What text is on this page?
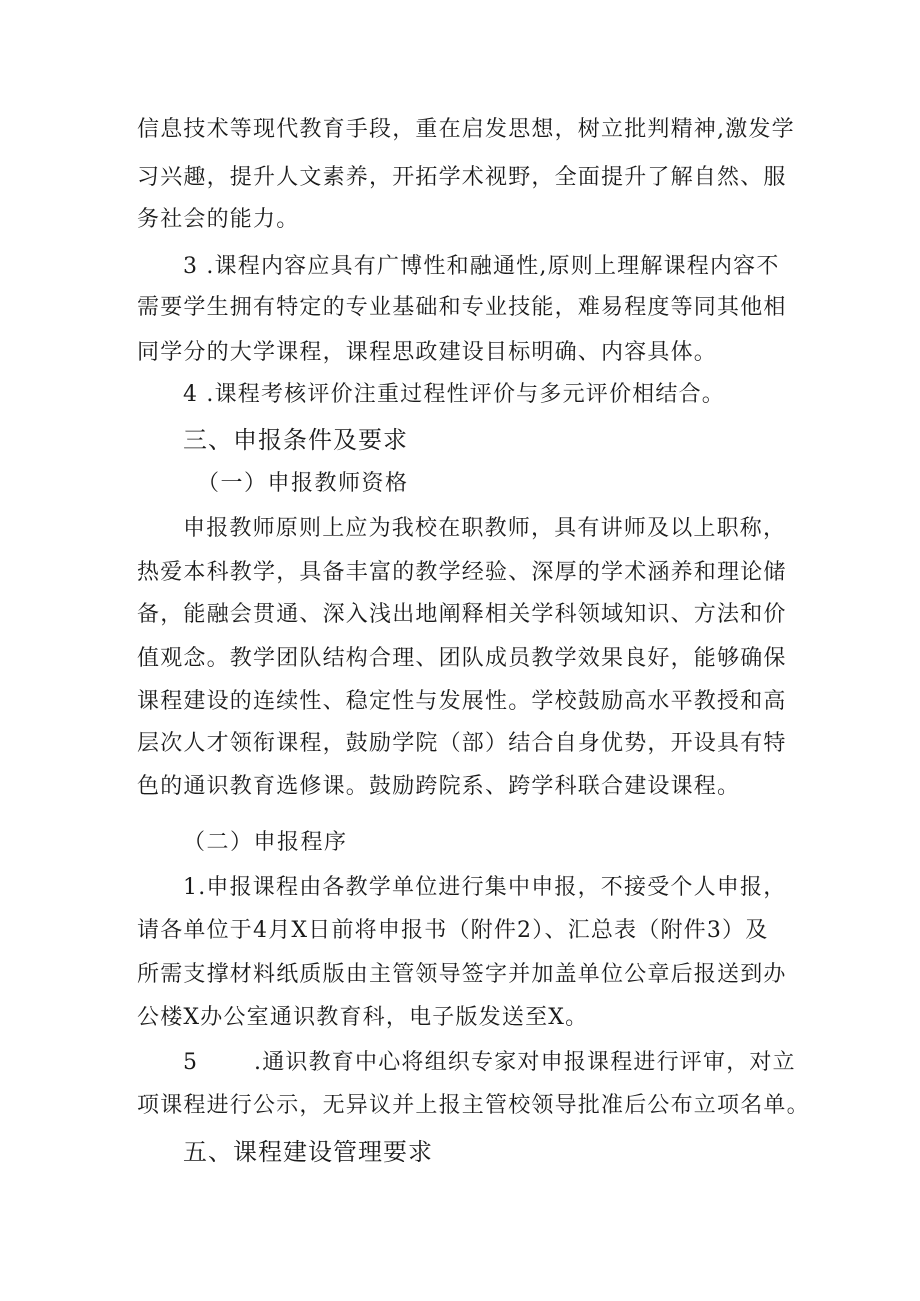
信息技术等现代教育手段，重在启发思想，树立批判精神,激发学
习兴趣，提升人文素养，开拓学术视野，全面提升了解自然、服
务社会的能力。
3 .课程内容应具有广博性和融通性,原则上理解课程内容不
需要学生拥有特定的专业基础和专业技能，难易程度等同其他相
同学分的大学课程，课程思政建设目标明确、内容具体。
4 .课程考核评价注重过程性评价与多元评价相结合。
三、申报条件及要求
（一）申报教师资格
申报教师原则上应为我校在职教师，具有讲师及以上职称，
热爱本科教学，具备丰富的教学经验、深厚的学术涵养和理论储
备，能融会贯通、深入浅出地阐释相关学科领域知识、方法和价
值观念。教学团队结构合理、团队成员教学效果良好，能够确保
课程建设的连续性、稳定性与发展性。学校鼓励高水平教授和高
层次人才领衔课程，鼓励学院（部）结合自身优势，开设具有特
色的通识教育选修课。鼓励跨院系、跨学科联合建设课程。
（二）申报程序
1.申报课程由各教学单位进行集中申报，不接受个人申报，
请各单位于4月X日前将申报书（附件2）、汇总表（附件3）及
所需支撑材料纸质版由主管领导签字并加盖单位公章后报送到办
公楼X办公室通识教育科，电子版发送至X。
5	.通识教育中心将组织专家对申报课程进行评审，对立
项课程进行公示，无异议并上报主管校领导批准后公布立项名单。
五、课程建设管理要求
